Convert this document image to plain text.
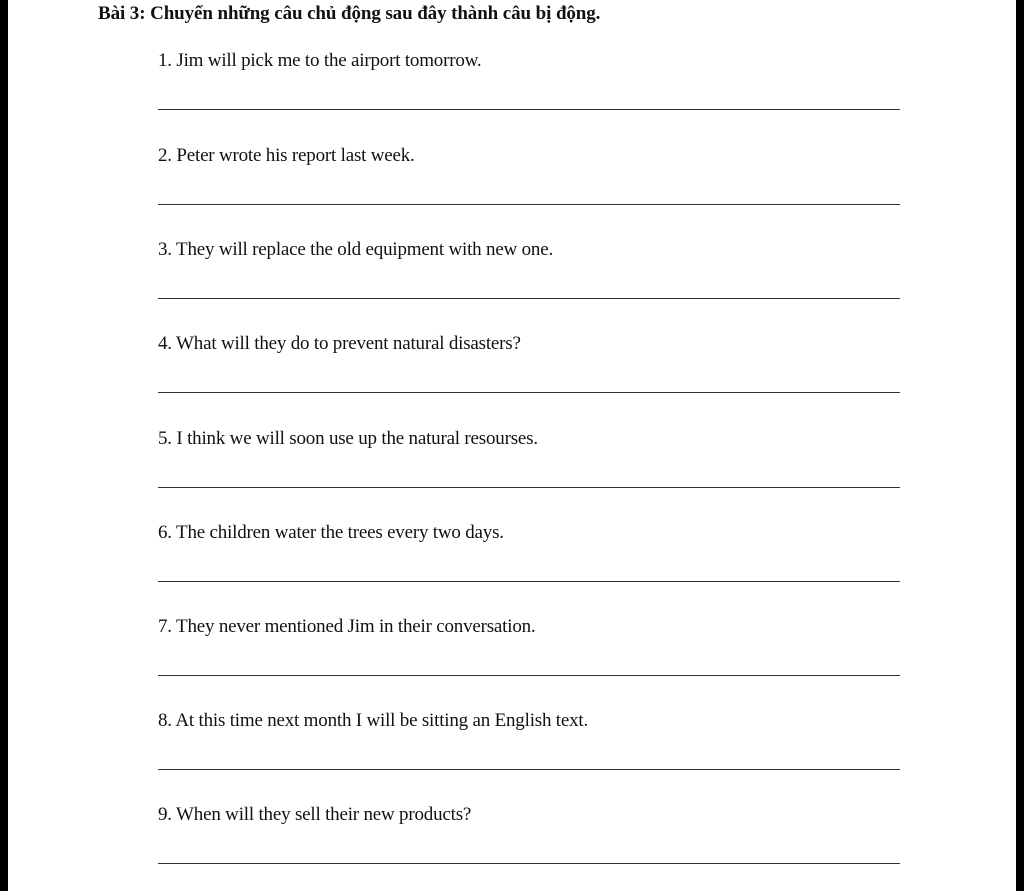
Bài 3: Chuyển những câu chủ động sau đây thành câu bị động.
1. Jim will pick me to the airport tomorrow.
2. Peter wrote his report last week.
3. They will replace the old equipment with new one.
4. What will they do to prevent natural disasters?
5. I think we will soon use up the natural resourses.
6. The children water the trees every two days.
7. They never mentioned Jim in their conversation.
8. At this time next month I will be sitting an English text.
9. When will they sell their new products?
